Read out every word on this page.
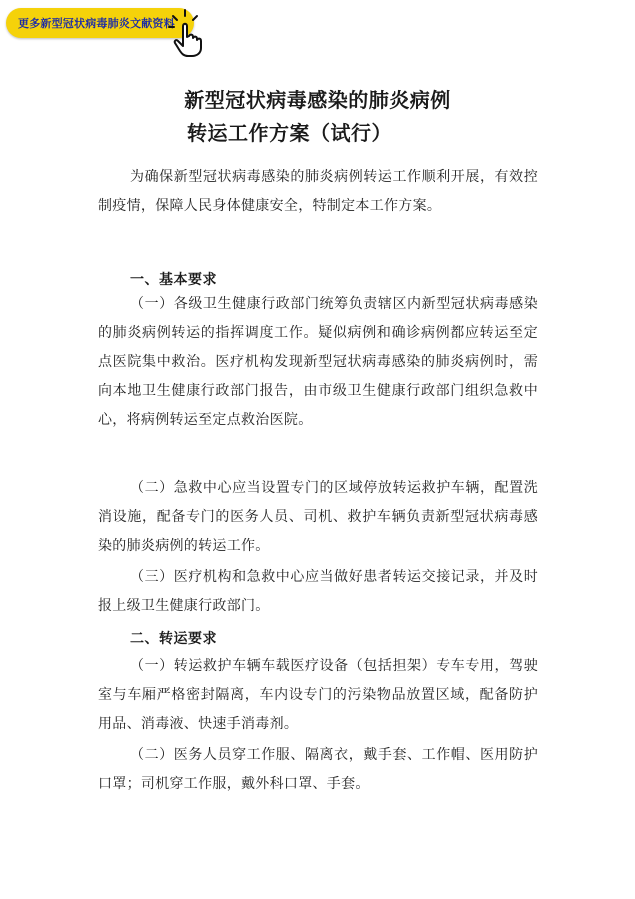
更多新型冠状病毒肺炎文献资料
新型冠状病毒感染的肺炎病例
转运工作方案（试行）

为确保新型冠状病毒感染的肺炎病例转运工作顺利开展，有效控制疫情，保障人民身体健康安全，特制定本工作方案。

一、基本要求

（一）各级卫生健康行政部门统筹负责辖区内新型冠状病毒感染的肺炎病例转运的指挥调度工作。疑似病例和确诊病例都应转运至定点医院集中救治。医疗机构发现新型冠状病毒感染的肺炎病例时，需向本地卫生健康行政部门报告，由市级卫生健康行政部门组织急救中心，将病例转运至定点救治医院。

（二）急救中心应当设置专门的区域停放转运救护车辆，配置洗消设施，配备专门的医务人员、司机、救护车辆负责新型冠状病毒感染的肺炎病例的转运工作。

（三）医疗机构和急救中心应当做好患者转运交接记录，并及时报上级卫生健康行政部门。

二、转运要求

（一）转运救护车辆车载医疗设备（包括担架）专车专用，驾驶室与车厢严格密封隔离，车内设专门的污染物品放置区域，配备防护用品、消毒液、快速手消毒剂。

（二）医务人员穿工作服、隔离衣，戴手套、工作帽、医用防护口罩；司机穿工作服，戴外科口罩、手套。
